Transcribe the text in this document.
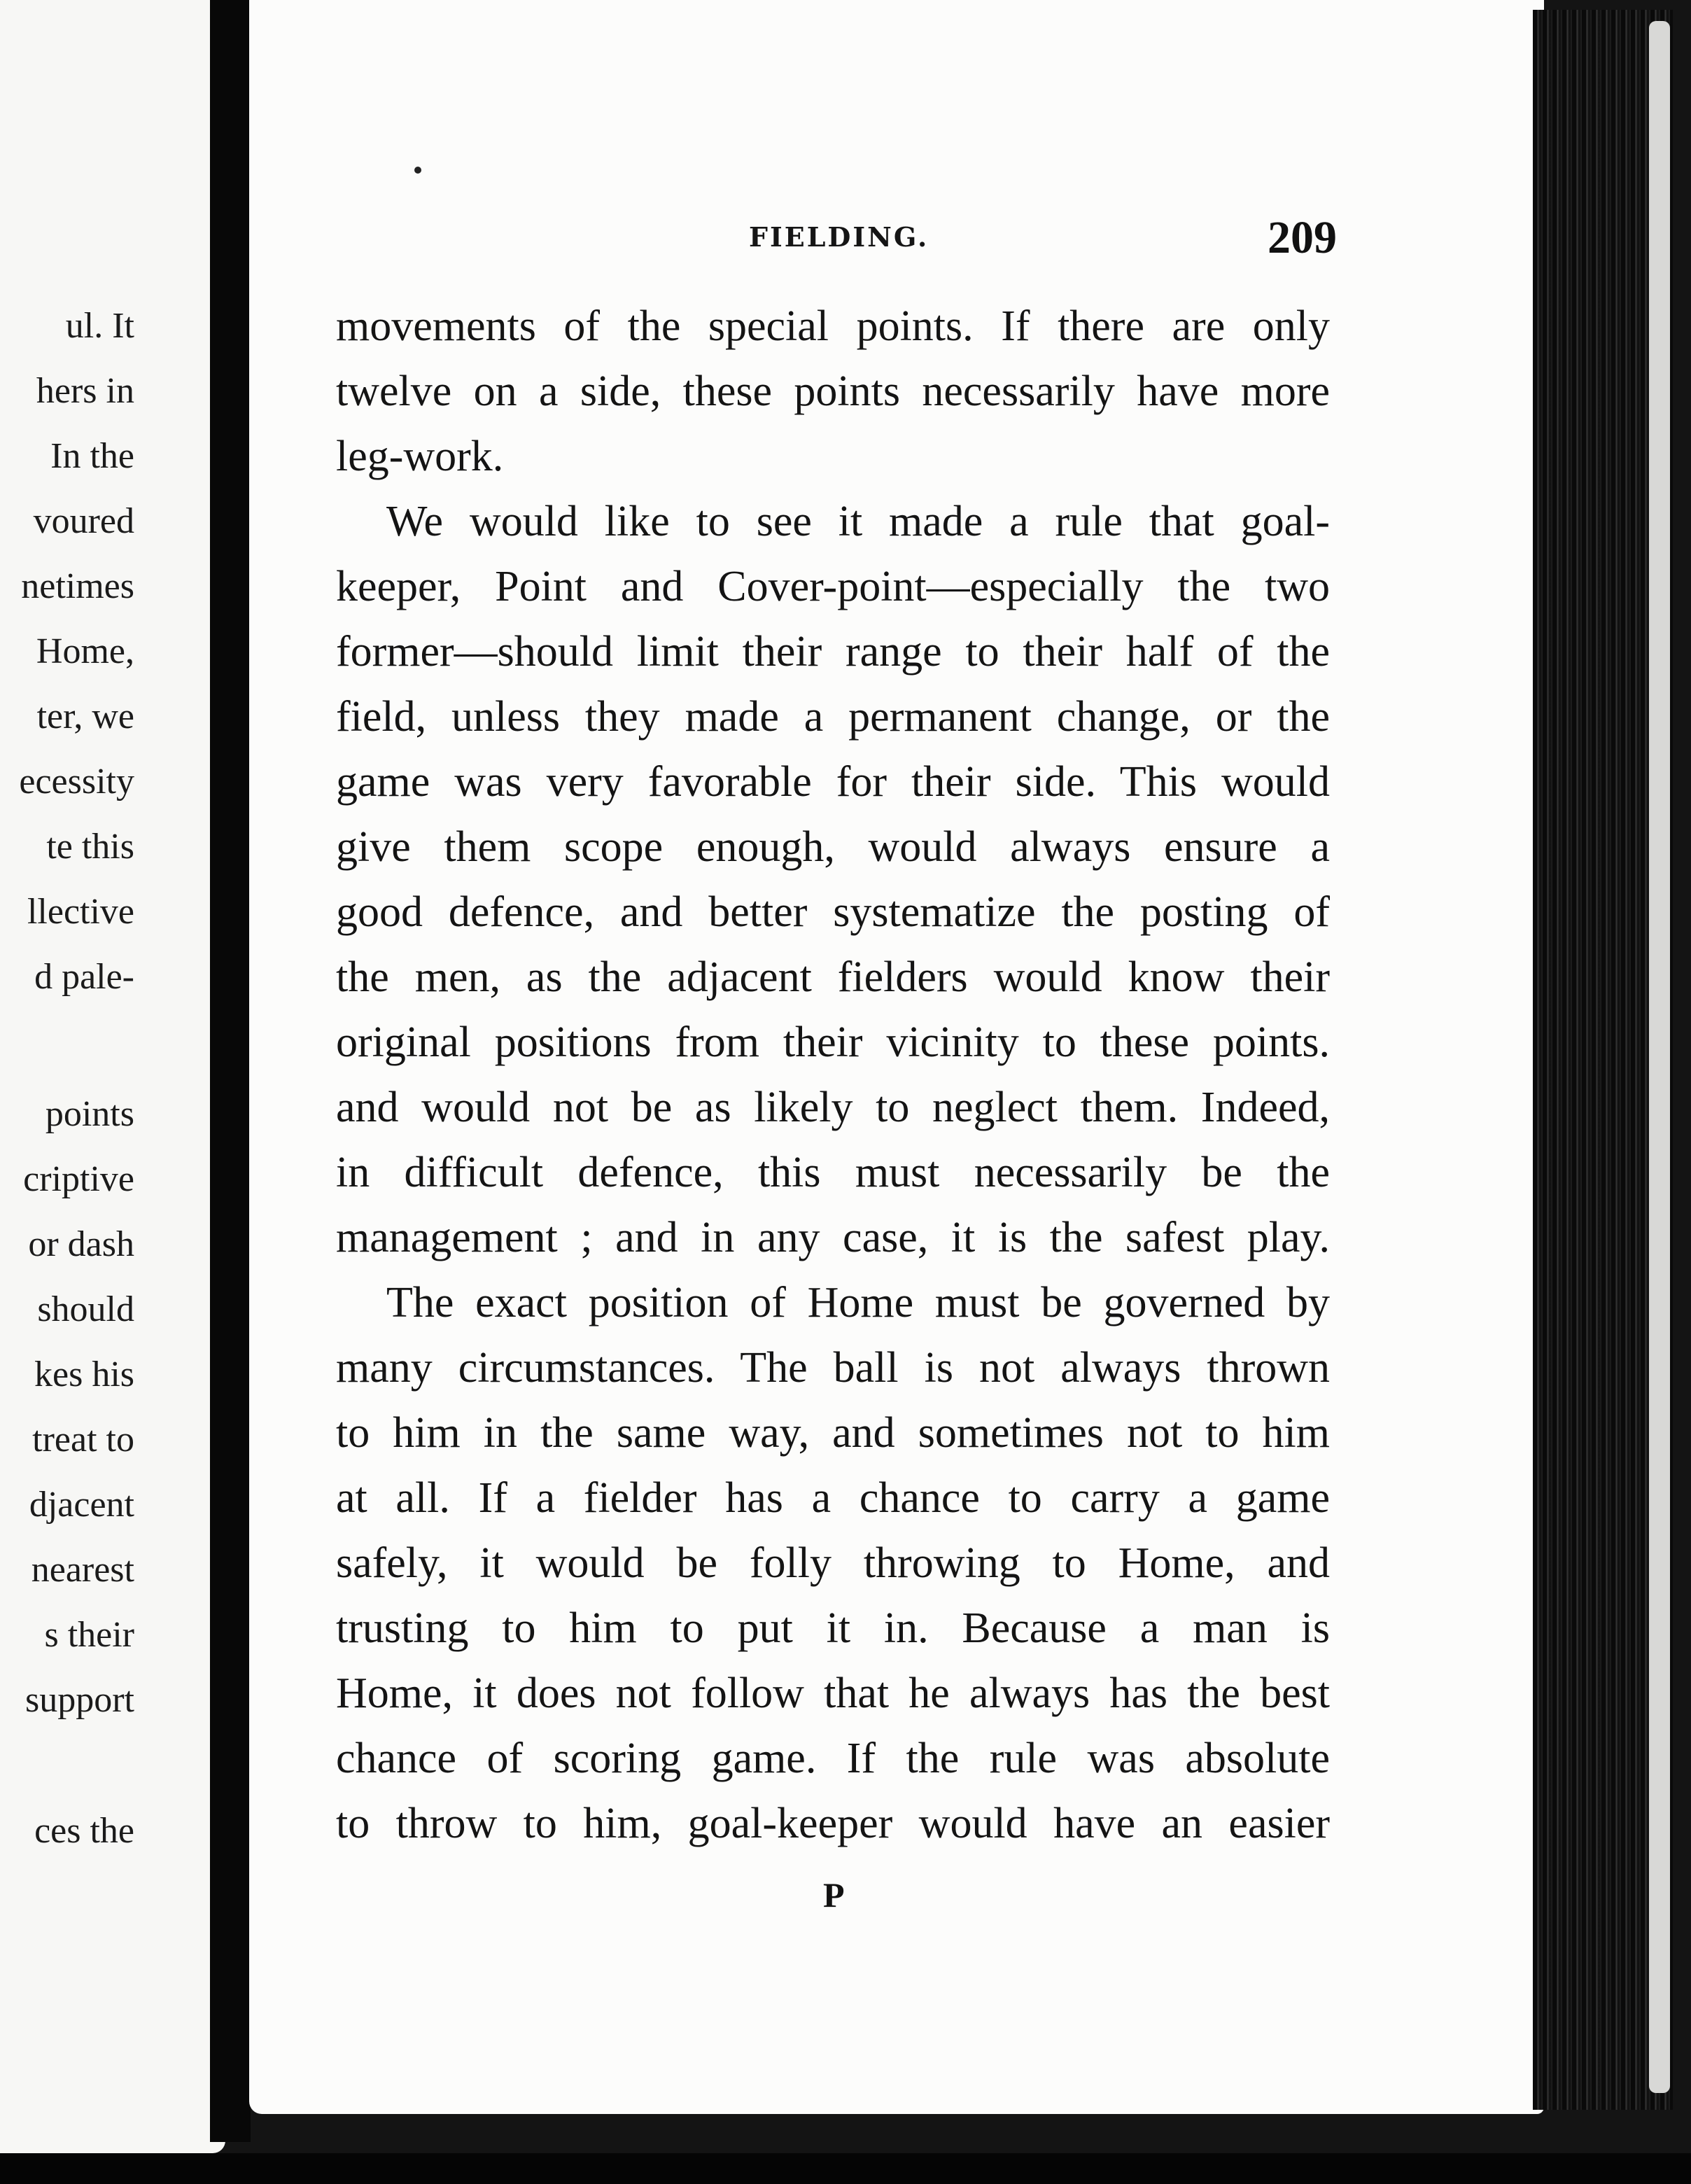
ul. It
hers in
In the
voured
netimes
Home,
ter, we
ecessity
te this
llective
d pale-
points
criptive
or dash
should
kes his
treat to
djacent
nearest
s their
support
ces the
FIELDING.	209
movements of the special points. If there are only
twelve on a side, these points necessarily have more
leg-work.
We would like to see it made a rule that goal-
keeper, Point and Cover-point—especially the two
former—should limit their range to their half of the
field, unless they made a permanent change, or the
game was very favorable for their side. This would
give them scope enough, would always ensure a
good defence, and better systematize the posting of
the men, as the adjacent fielders would know their
original positions from their vicinity to these points.
and would not be as likely to neglect them. Indeed,
in difficult defence, this must necessarily be the
management ; and in any case, it is the safest play.
The exact position of Home must be governed by
many circumstances. The ball is not always thrown
to him in the same way, and sometimes not to him
at all. If a fielder has a chance to carry a game
safely, it would be folly throwing to Home, and
trusting to him to put it in. Because a man is
Home, it does not follow that he always has the best
chance of scoring game. If the rule was absolute
to throw to him, goal-keeper would have an easier
P
